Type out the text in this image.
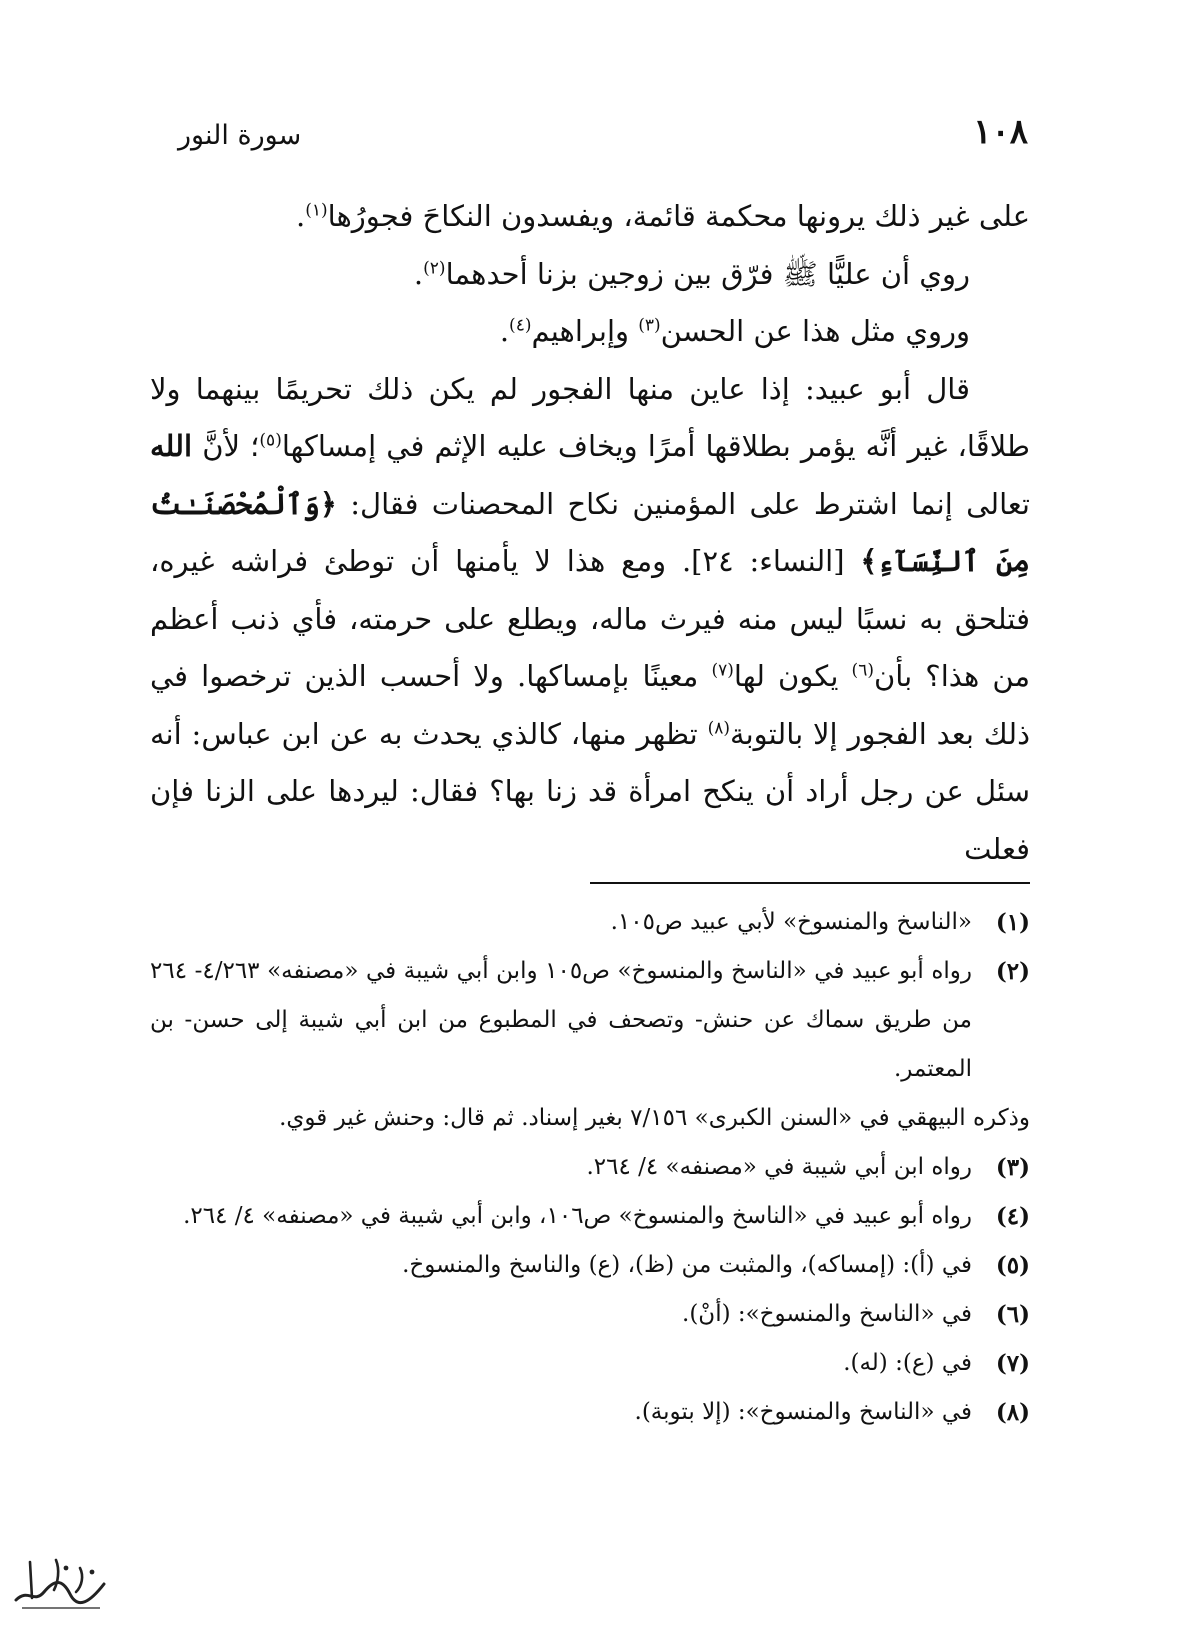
١٠٨
سورة النور

على غير ذلك يرونها محكمة قائمة، ويفسدون النكاحَ فجورُها$^{(١)}$.

روي أن عليًّا ﷺ فرّق بين زوجين بزنا أحدهما$^{(٢)}$.

وروي مثل هذا عن الحسن$^{(٣)}$ وإبراهيم$^{(٤)}$.

قال أبو عبيد: إذا عاين منها الفجور لم يكن ذلك تحريمًا بينهما ولا طلاقًا، غير أنَّه يؤمر بطلاقها أمرًا ويخاف عليه الإثم في إمساكها$^{(٥)}$؛ لأنَّ الله تعالى إنما اشترط على المؤمنين نكاح المحصنات فقال: ﴿وَٱلْمُحْصَنَـٰتُ مِنَ ٱلنِّسَآءِ﴾ [النساء: ٢٤]. ومع هذا لا يأمنها أن توطئ فراشه غيره، فتلحق به نسبًا ليس منه فيرث ماله، ويطلع على حرمته، فأي ذنب أعظم من هذا؟ بأن$^{(٦)}$ يكون لها$^{(٧)}$ معينًا بإمساكها. ولا أحسب الذين ترخصوا في ذلك بعد الفجور إلا بالتوبة$^{(٨)}$ تظهر منها، كالذي يحدث به عن ابن عباس: أنه سئل عن رجل أراد أن ينكح امرأة قد زنا بها؟ فقال: ليردها على الزنا فإن فعلت

(١)
«الناسخ والمنسوخ» لأبي عبيد ص١٠٥.
(٢)
رواه أبو عبيد في «الناسخ والمنسوخ» ص١٠٥ وابن أبي شيبة في «مصنفه» ٤/٢٦٣- ٢٦٤ من طريق سماك عن حنش- وتصحف في المطبوع من ابن أبي شيبة إلى حسن- بن المعتمر.
وذكره البيهقي في «السنن الكبرى» ٧/١٥٦ بغير إسناد. ثم قال: وحنش غير قوي.
(٣)
رواه ابن أبي شيبة في «مصنفه» ٤/ ٢٦٤.
(٤)
رواه أبو عبيد في «الناسخ والمنسوخ» ص١٠٦، وابن أبي شيبة في «مصنفه» ٤/ ٢٦٤.
(٥)
في (أ): (إمساكه)، والمثبت من (ظ)، (ع) والناسخ والمنسوخ.
(٦)
في «الناسخ والمنسوخ»: (أنْ).
(٧)
في (ع): (له).
(٨)
في «الناسخ والمنسوخ»: (إلا بتوبة).
